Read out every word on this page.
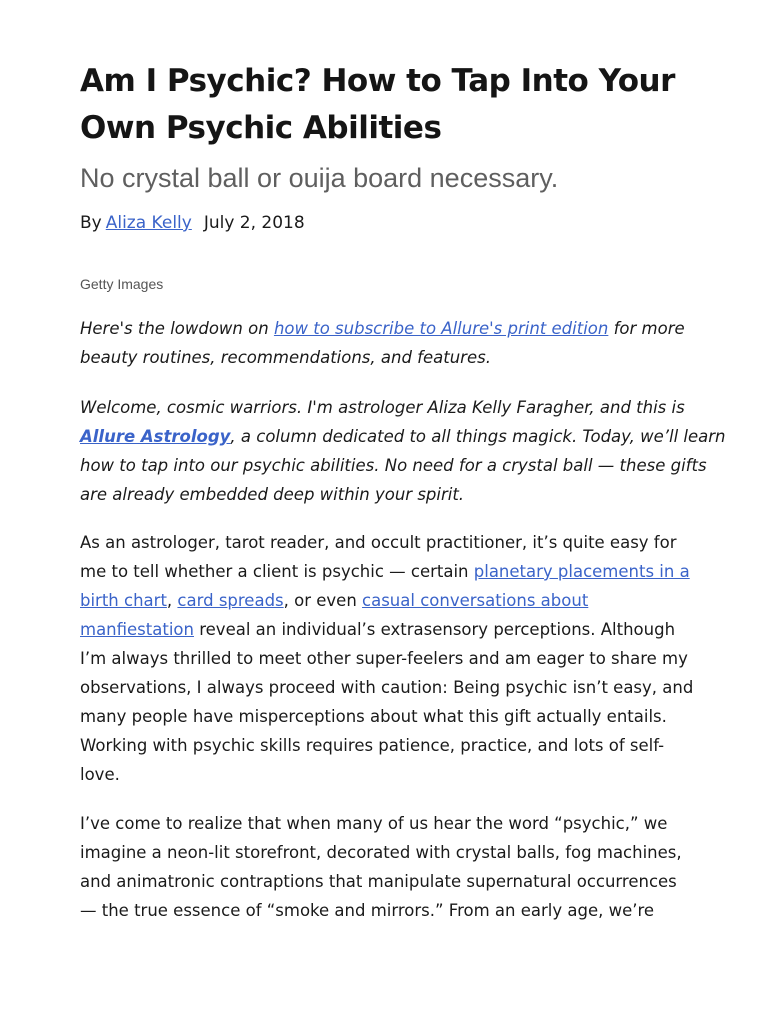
Am I Psychic? How to Tap Into Your
Own Psychic Abilities

No crystal ball or ouija board necessary.

By Aliza Kelly July 2, 2018
Getty Images

Here's the lowdown on how to subscribe to Allure's print edition for more
beauty routines, recommendations, and features.

Welcome, cosmic warriors. I'm astrologer Aliza Kelly Faragher, and this is
Allure Astrology, a column dedicated to all things magick. Today, we’ll learn
how to tap into our psychic abilities. No need for a crystal ball — these gifts
are already embedded deep within your spirit.

As an astrologer, tarot reader, and occult practitioner, it’s quite easy for
me to tell whether a client is psychic — certain planetary placements in a
birth chart, card spreads, or even casual conversations about
manfiestation reveal an individual’s extrasensory perceptions. Although
I’m always thrilled to meet other super-feelers and am eager to share my
observations, I always proceed with caution: Being psychic isn’t easy, and
many people have misperceptions about what this gift actually entails.
Working with psychic skills requires patience, practice, and lots of self-
love.

I’ve come to realize that when many of us hear the word “psychic,” we
imagine a neon-lit storefront, decorated with crystal balls, fog machines,
and animatronic contraptions that manipulate supernatural occurrences
— the true essence of “smoke and mirrors.” From an early age, we’re
